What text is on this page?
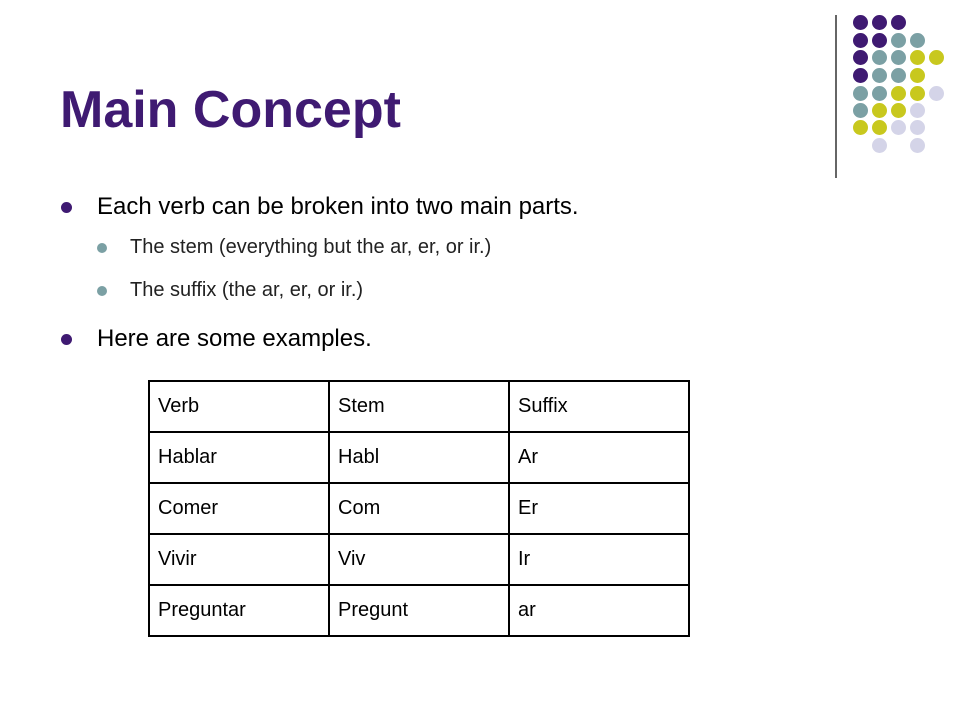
Main Concept
Each verb can be broken into two main parts.
The stem (everything but the ar, er, or ir.)
The suffix (the ar, er, or ir.)
Here are some examples.
Verb	Stem	Suffix
Hablar	Habl	Ar
Comer	Com	Er
Vivir	Viv	Ir
Preguntar	Pregunt	ar
